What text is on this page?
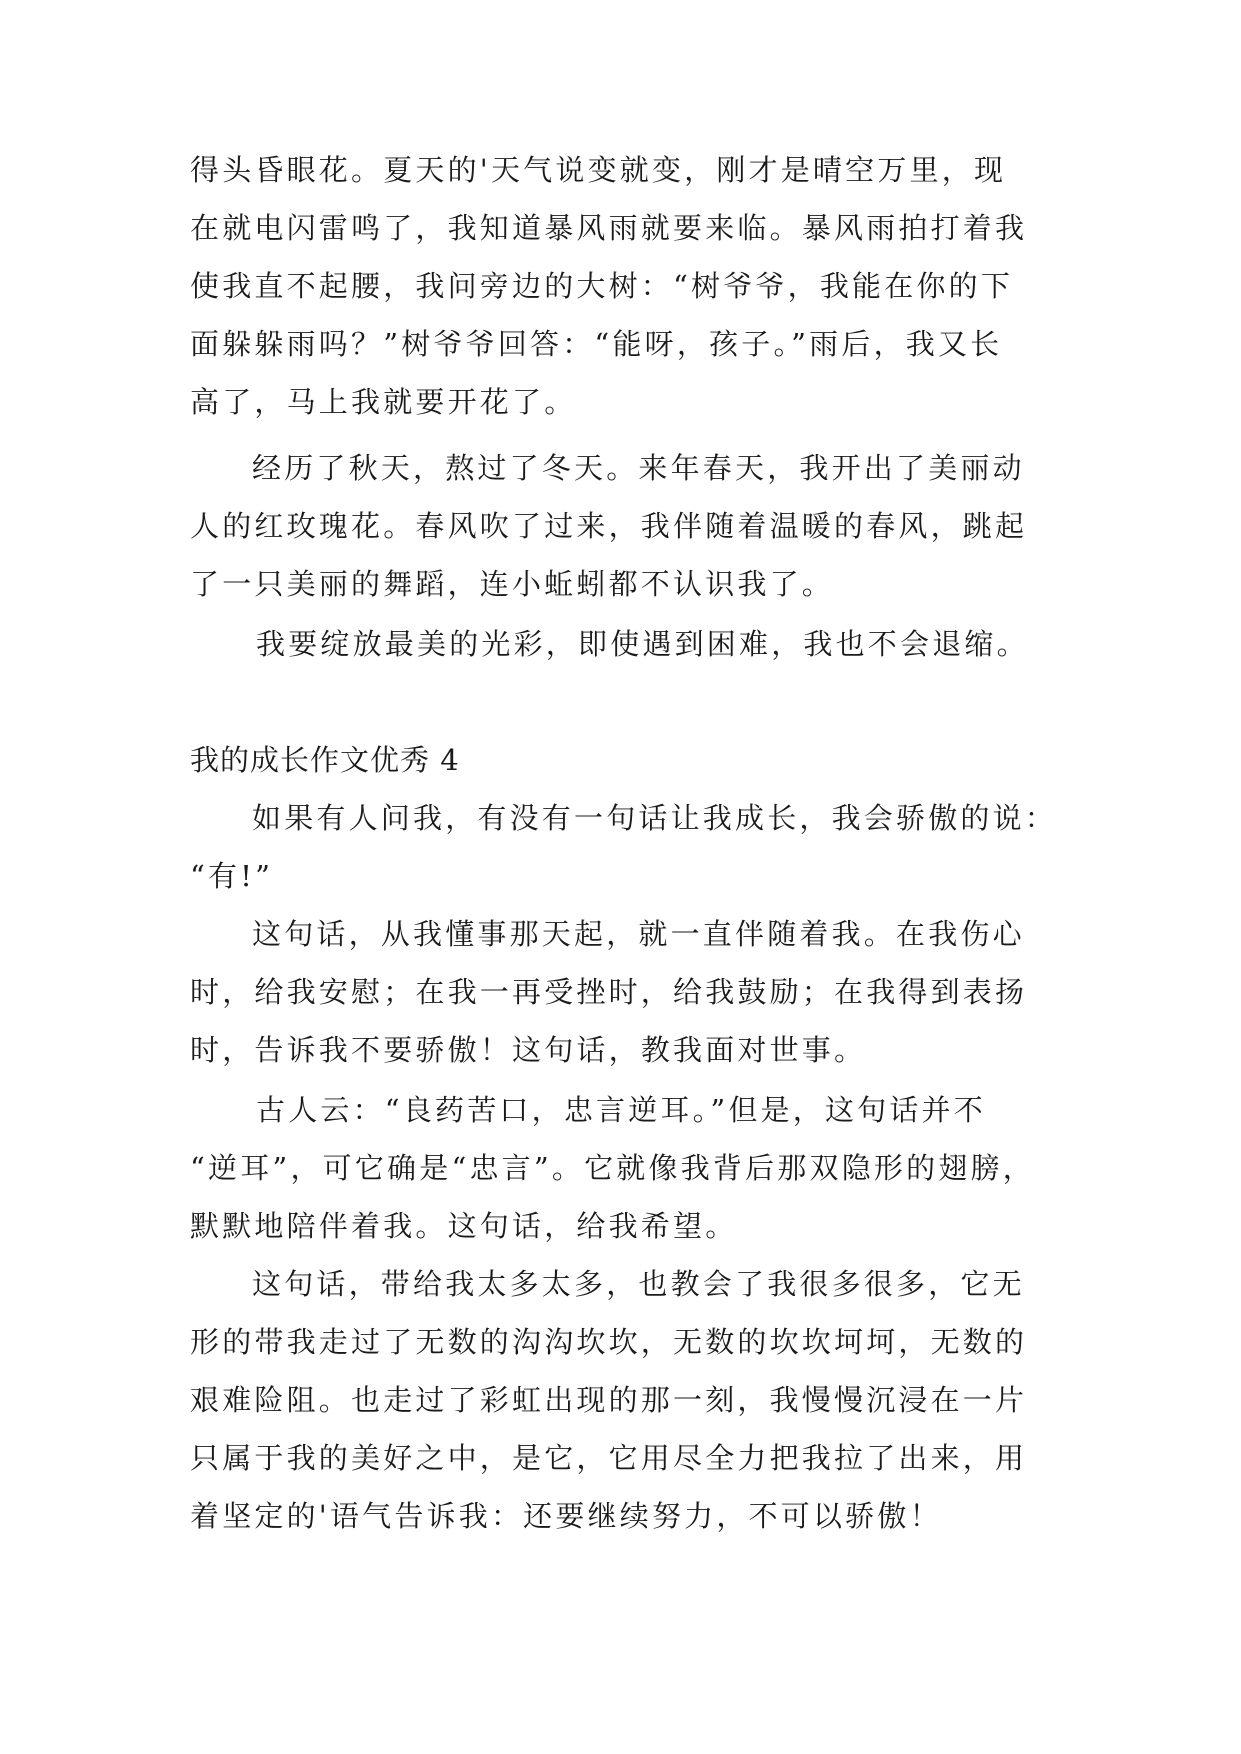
得头昏眼花。夏天的'天气说变就变，刚才是晴空万里，现
在就电闪雷鸣了，我知道暴风雨就要来临。暴风雨拍打着我
使我直不起腰，我问旁边的大树：“树爷爷，我能在你的下
面躲躲雨吗？”树爷爷回答：“能呀，孩子。”雨后，我又长
高了，马上我就要开花了。
经历了秋天，熬过了冬天。来年春天，我开出了美丽动
人的红玫瑰花。春风吹了过来，我伴随着温暖的春风，跳起
了一只美丽的舞蹈，连小蚯蚓都不认识我了。
我要绽放最美的光彩，即使遇到困难，我也不会退缩。
我的成长作文优秀 4
如果有人问我，有没有一句话让我成长，我会骄傲的说：
“有!”
这句话，从我懂事那天起，就一直伴随着我。在我伤心
时，给我安慰；在我一再受挫时，给我鼓励；在我得到表扬
时，告诉我不要骄傲！这句话，教我面对世事。
古人云：“良药苦口，忠言逆耳。”但是，这句话并不
“逆耳”，可它确是“忠言”。它就像我背后那双隐形的翅膀，
默默地陪伴着我。这句话，给我希望。
这句话，带给我太多太多，也教会了我很多很多，它无
形的带我走过了无数的沟沟坎坎，无数的坎坎坷坷，无数的
艰难险阻。也走过了彩虹出现的那一刻，我慢慢沉浸在一片
只属于我的美好之中，是它，它用尽全力把我拉了出来，用
着坚定的'语气告诉我：还要继续努力，不可以骄傲！
